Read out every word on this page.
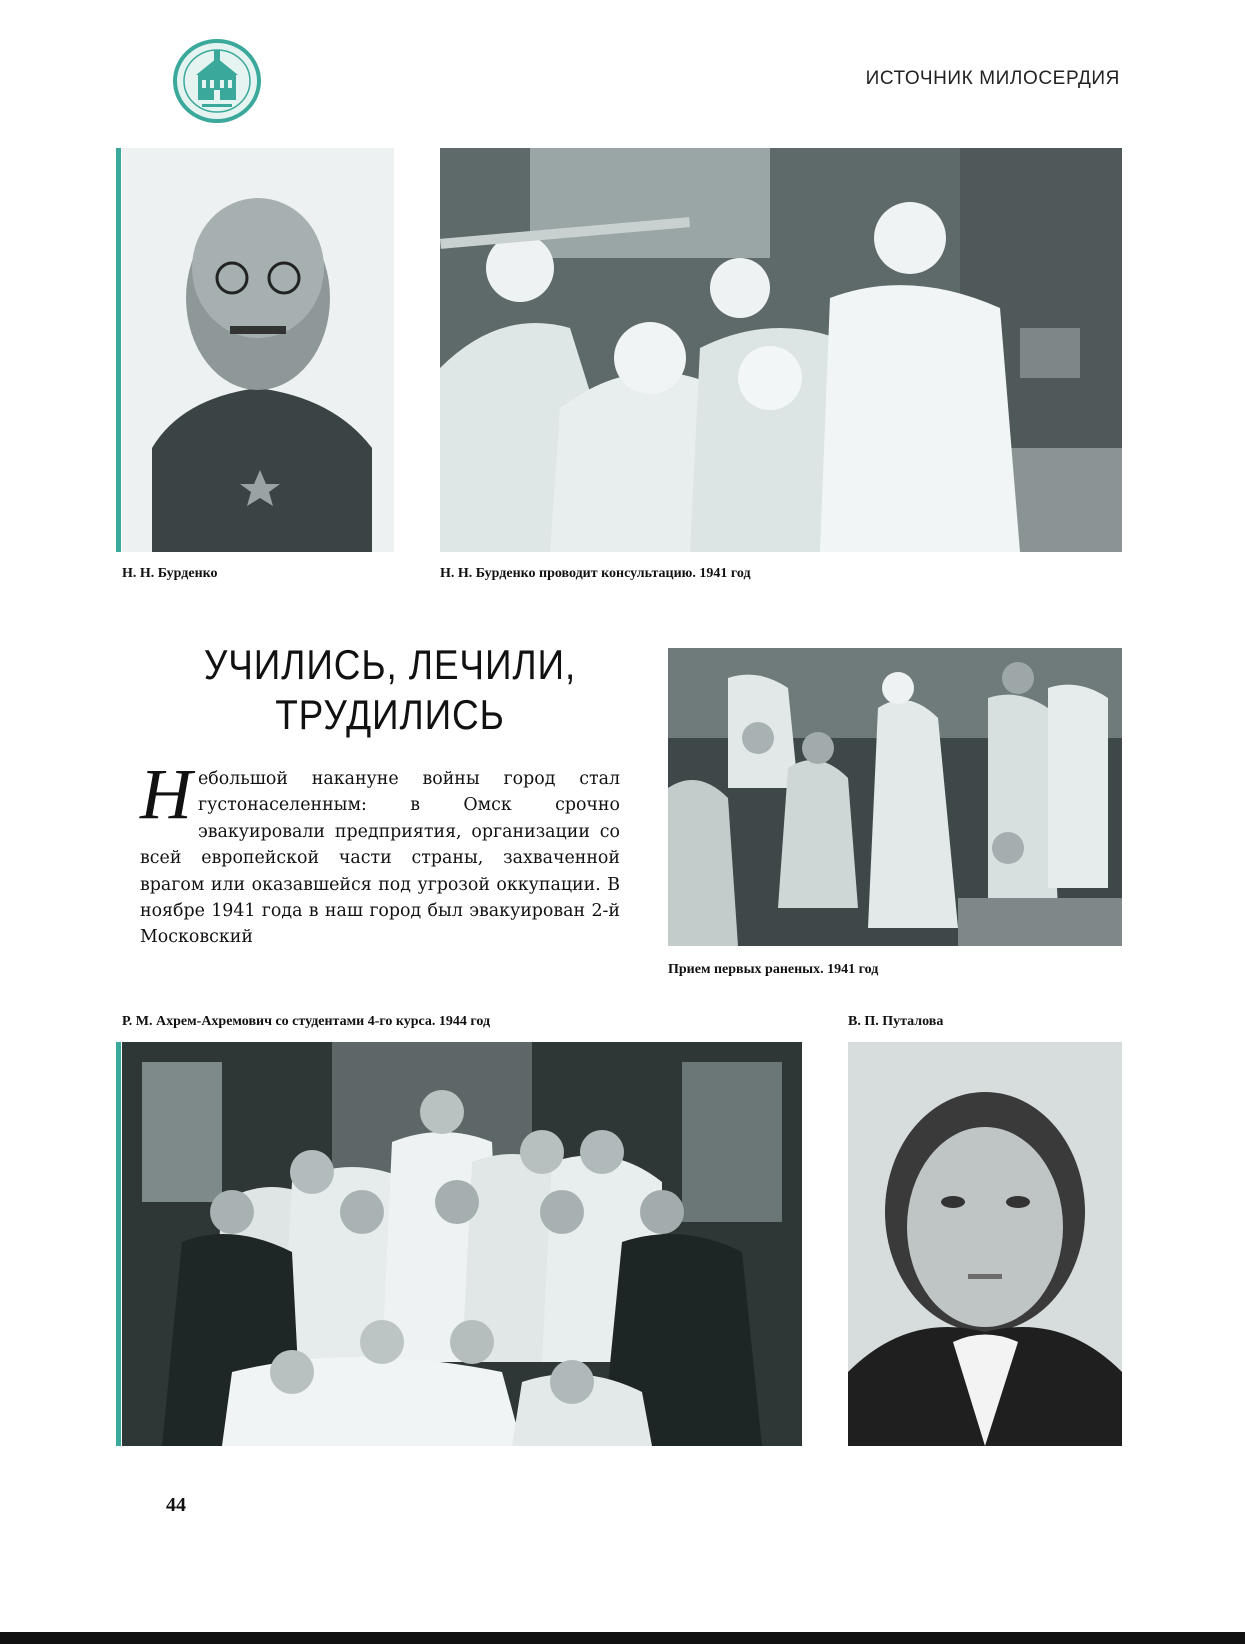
ИСТОЧНИК МИЛОСЕРДИЯ
Н. Н. Бурденко	Н. Н. Бурденко проводит консультацию. 1941 год
УЧИЛИСЬ, ЛЕЧИЛИ,
ТРУДИЛИСЬ
Небольшой накануне войны город стал густонаселенным: в Омск срочно эвакуировали предприятия, организации со всей европейской части страны, захваченной врагом или оказавшейся под угрозой оккупации. В ноябре 1941 года в наш город был эвакуирован 2-й Московский
Прием первых раненых. 1941 год
Р. М. Ахрем-Ахремович со студентами 4-го курса. 1944 год	В. П. Путалова
44
